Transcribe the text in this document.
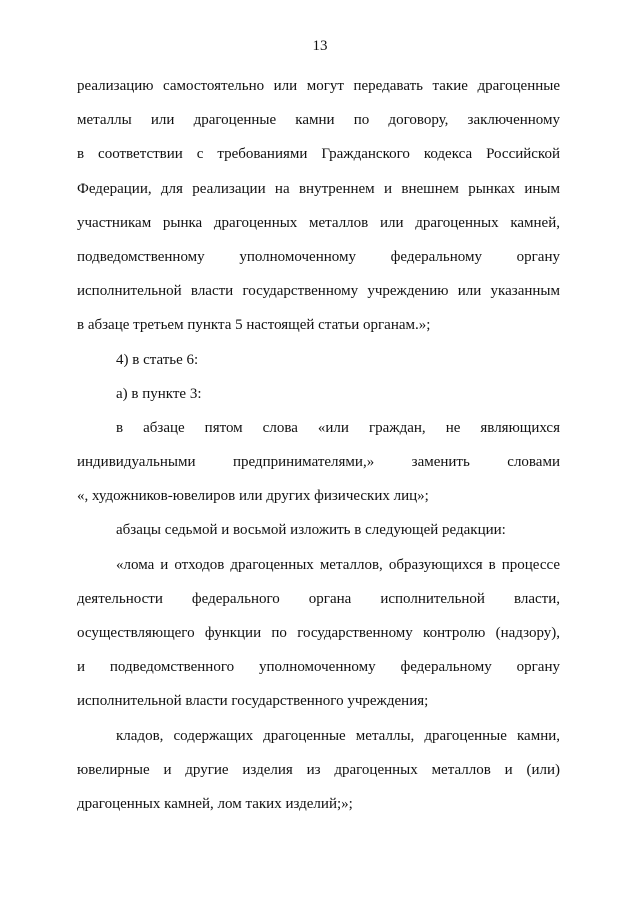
13
реализацию самостоятельно или могут передавать такие драгоценные
металлы или драгоценные камни по договору, заключенному
в соответствии с требованиями Гражданского кодекса Российской
Федерации, для реализации на внутреннем и внешнем рынках иным
участникам рынка драгоценных металлов или драгоценных камней,
подведомственному уполномоченному федеральному органу
исполнительной власти государственному учреждению или указанным
в абзаце третьем пункта 5 настоящей статьи органам.»;
4) в статье 6:
а) в пункте 3:
в абзаце пятом слова «или граждан, не являющихся
индивидуальными предпринимателями,» заменить словами
«, художников-ювелиров или других физических лиц»;
абзацы седьмой и восьмой изложить в следующей редакции:
«лома и отходов драгоценных металлов, образующихся в процессе
деятельности федерального органа исполнительной власти,
осуществляющего функции по государственному контролю (надзору),
и подведомственного уполномоченному федеральному органу
исполнительной власти государственного учреждения;
кладов, содержащих драгоценные металлы, драгоценные камни,
ювелирные и другие изделия из драгоценных металлов и (или)
драгоценных камней, лом таких изделий;»;
